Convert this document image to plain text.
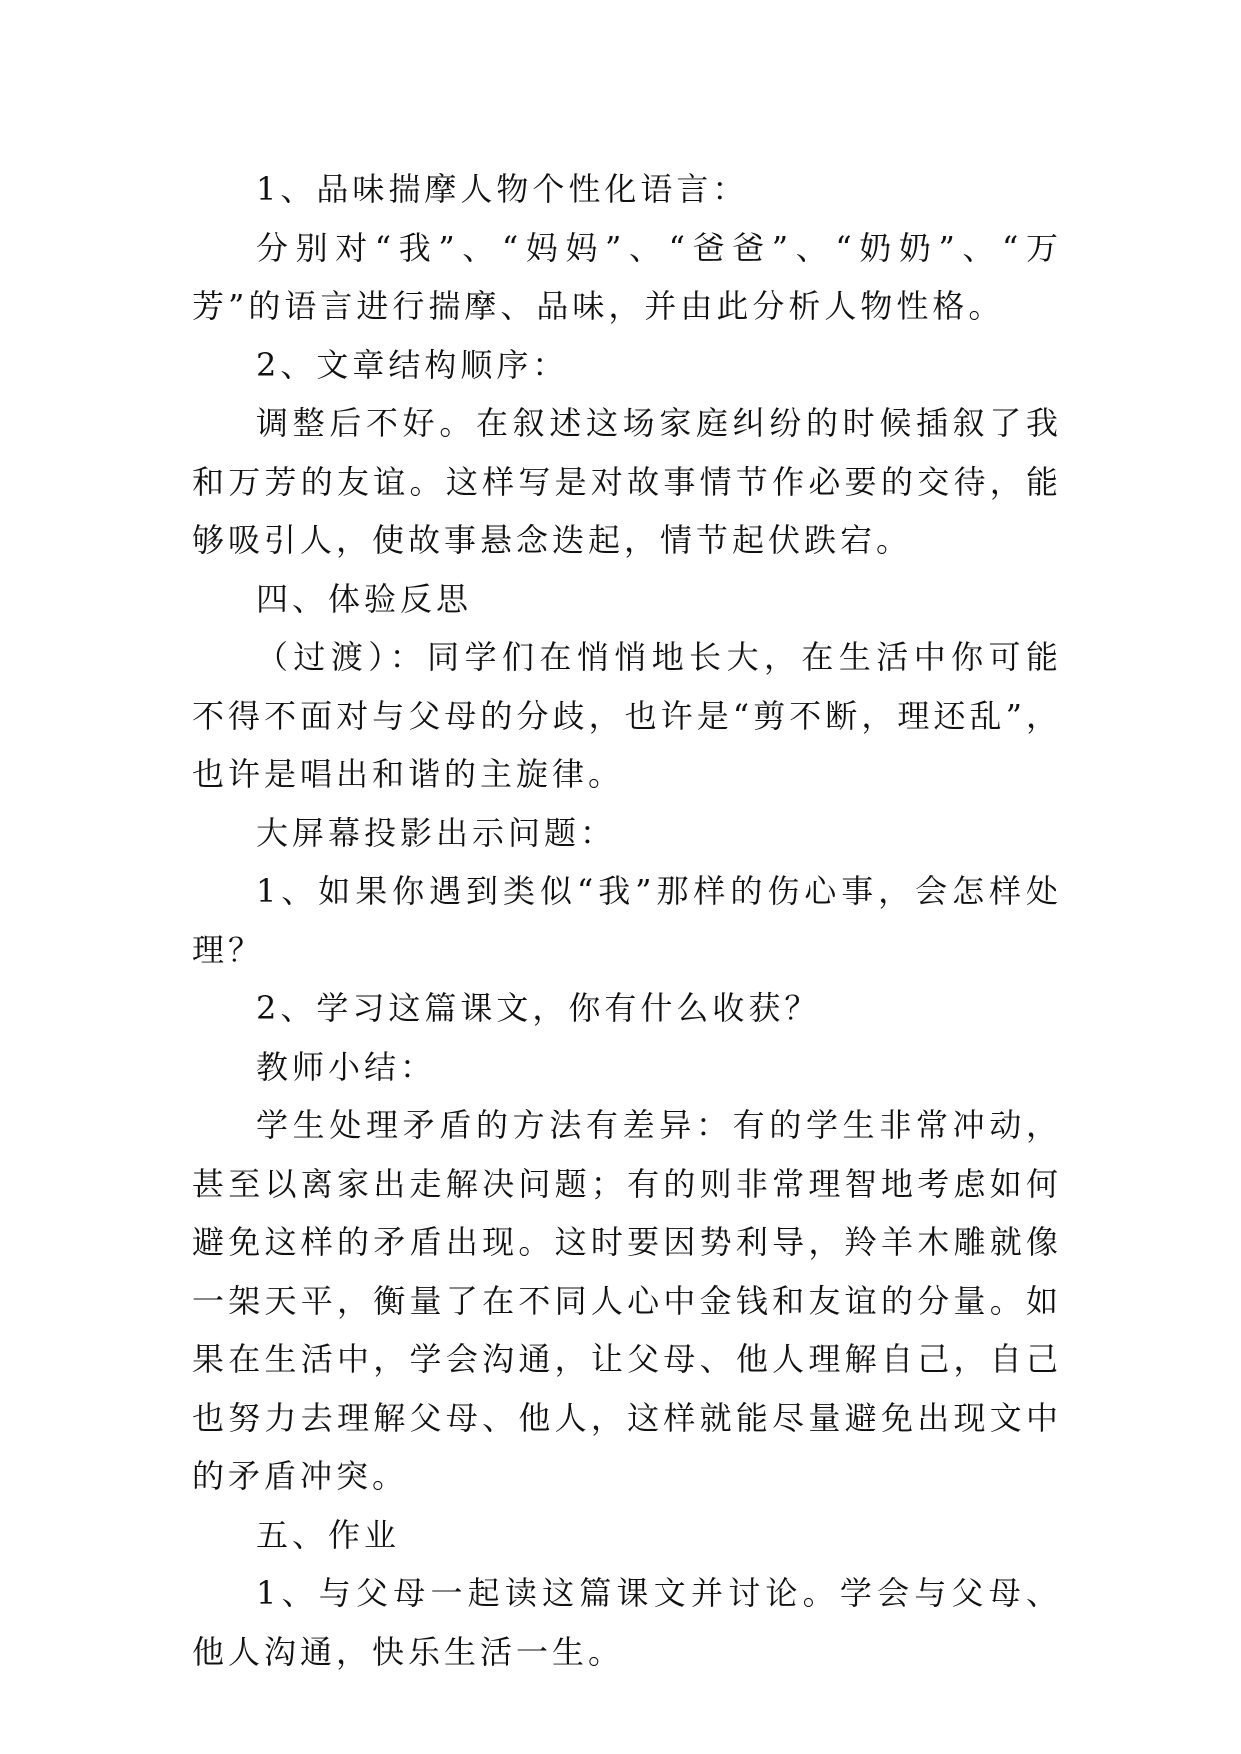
1、品味揣摩人物个性化语言：

分别对“我”、“妈妈”、“爸爸”、“奶奶”、“万芳”的语言进行揣摩、品味，并由此分析人物性格。

2、文章结构顺序：

调整后不好。在叙述这场家庭纠纷的时候插叙了我和万芳的友谊。这样写是对故事情节作必要的交待，能够吸引人，使故事悬念迭起，情节起伏跌宕。

四、体验反思

（过渡）：同学们在悄悄地长大，在生活中你可能不得不面对与父母的分歧，也许是“剪不断，理还乱”，也许是唱出和谐的主旋律。

大屏幕投影出示问题：

1、如果你遇到类似“我”那样的伤心事，会怎样处理？

2、学习这篇课文，你有什么收获？

教师小结：

学生处理矛盾的方法有差异：有的学生非常冲动，甚至以离家出走解决问题；有的则非常理智地考虑如何避免这样的矛盾出现。这时要因势利导，羚羊木雕就像一架天平，衡量了在不同人心中金钱和友谊的分量。如果在生活中，学会沟通，让父母、他人理解自己，自己也努力去理解父母、他人，这样就能尽量避免出现文中的矛盾冲突。

五、作业

1、与父母一起读这篇课文并讨论。学会与父母、他人沟通，快乐生活一生。
